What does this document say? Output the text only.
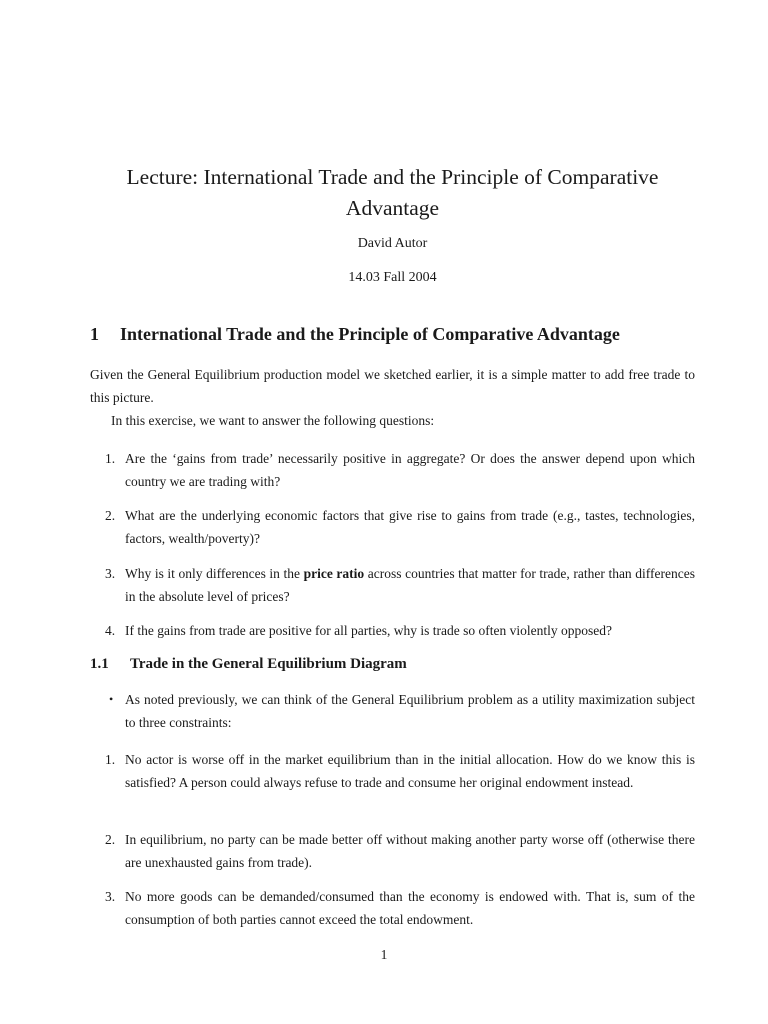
Lecture: International Trade and the Principle of Comparative Advantage

David Autor

14.03 Fall 2004

1 International Trade and the Principle of Comparative Advantage

Given the General Equilibrium production model we sketched earlier, it is a simple matter to add free trade to this picture.

In this exercise, we want to answer the following questions:

1. Are the ‘gains from trade’ necessarily positive in aggregate? Or does the answer depend upon which country we are trading with?
2. What are the underlying economic factors that give rise to gains from trade (e.g., tastes, technologies, factors, wealth/poverty)?
3. Why is it only differences in the price ratio across countries that matter for trade, rather than differences in the absolute level of prices?
4. If the gains from trade are positive for all parties, why is trade so often violently opposed?
1.1 Trade in the General Equilibrium Diagram
• As noted previously, we can think of the General Equilibrium problem as a utility maximization subject to three constraints:
1. No actor is worse off in the market equilibrium than in the initial allocation. How do we know this is satisfied? A person could always refuse to trade and consume her original endowment instead.
2. In equilibrium, no party can be made better off without making another party worse off (otherwise there are unexhausted gains from trade).
3. No more goods can be demanded/consumed than the economy is endowed with. That is, sum of the consumption of both parties cannot exceed the total endowment.

1
